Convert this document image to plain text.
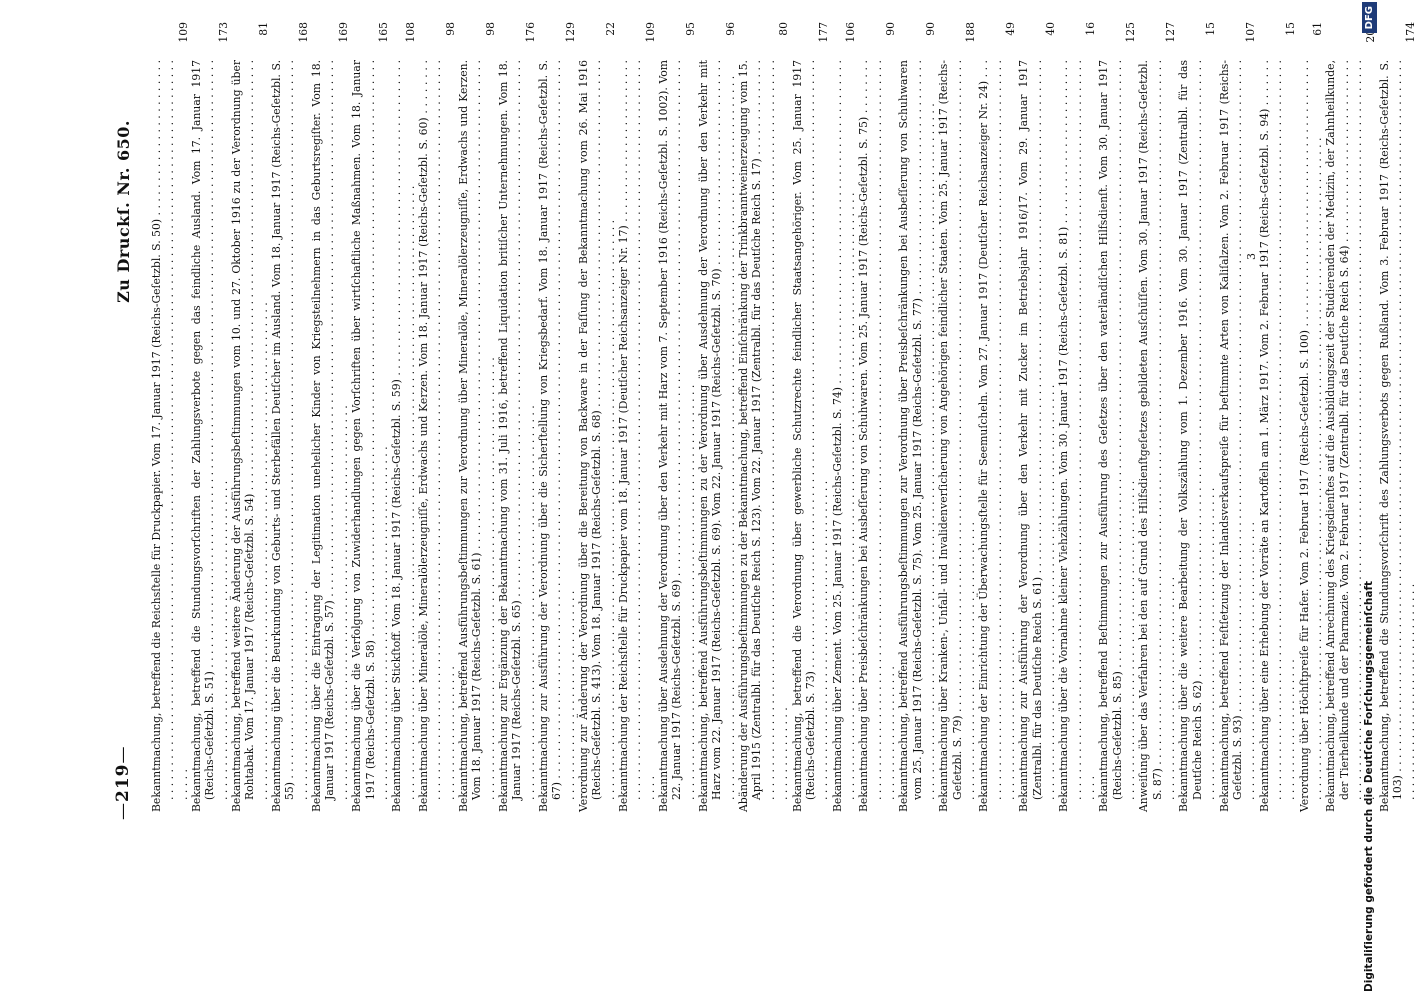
—
219
—
Zu Druckſ. Nr. 650.
Bekanntmachung, betreffend die Reichsſtelle für Druckpapier. Vom 17. Januar 1917 (Reichs-Geſetzbl. S. 50) . . .
109
Bekanntmachung, betreffend die Stundungsvorſchriften der Zahlungsverbote gegen das feindliche Ausland. Vom 17. Januar 1917 (Reichs-Geſetzbl. S. 51) . . .
173
Bekanntmachung, betreffend weitere Änderung der Ausführungsbeſtimmungen vom 10. und 27. Oktober 1916 zu der Verordnung über Rohtabak. Vom 17. Januar 1917 (Reichs-Geſetzbl. S. 54) . . .
81
Bekanntmachung über die Beurkundung von Geburts- und Sterbefällen Deutſcher im Ausland. Vom 18. Januar 1917 (Reichs-Geſetzbl. S. 55) . . .
168
Bekanntmachung über die Eintragung der Legitimation unehelicher Kinder von Kriegsteilnehmern in das Geburtsregiſter. Vom 18. Januar 1917 (Reichs-Geſetzbl. S. 57) . . .
169
Bekanntmachung über die Verfolgung von Zuwiderhandlungen gegen Vorſchriften über wirtſchaftliche Maßnahmen. Vom 18. Januar 1917 (Reichs-Geſetzbl. S. 58) . . .
165
Bekanntmachung über Stickſtoff. Vom 18. Januar 1917 (Reichs-Geſetzbl. S. 59) . . .
108
Bekanntmachung über Mineralöle, Mineralölerzeugniſſe, Erdwachs und Kerzen. Vom 18. Januar 1917 (Reichs-Geſetzbl. S. 60) . . .
98
Bekanntmachung, betreffend Ausführungsbeſtimmungen zur Verordnung über Mineralöle, Mineralölerzeugniſſe, Erdwachs und Kerzen. Vom 18. Januar 1917 (Reichs-Geſetzbl. S. 61) . . .
98
Bekanntmachung zur Ergänzung der Bekanntmachung vom 31. Juli 1916, betreffend Liquidation britiſcher Unternehmungen. Vom 18. Januar 1917 (Reichs-Geſetzbl. S. 65) . . .
176
Bekanntmachung zur Ausführung der Verordnung über die Sicherſtellung von Kriegsbedarf. Vom 18. Januar 1917 (Reichs-Geſetzbl. S. 67) . . .
129
Verordnung zur Änderung der Verordnung über die Bereitung von Backware in der Faſſung der Bekanntmachung vom 26. Mai 1916 (Reichs-Geſetzbl. S. 413). Vom 18. Januar 1917 (Reichs-Geſetzbl. S. 68) . . .
22
Bekanntmachung der Reichsſtelle für Druckpapier vom 18. Januar 1917 (Deutſcher Reichsanzeiger Nr. 17) . . .
109
Bekanntmachung über Ausdehnung der Verordnung über den Verkehr mit Harz vom 7. September 1916 (Reichs-Geſetzbl. S. 1002). Vom 22. Januar 1917 (Reichs-Geſetzbl. S. 69) . . .
95
Bekanntmachung, betreffend Ausführungsbeſtimmungen zu der Verordnung über Ausdehnung der Verordnung über den Verkehr mit Harz vom 22. Januar 1917 (Reichs-Geſetzbl. S. 69). Vom 22. Januar 1917 (Reichs-Geſetzbl. S. 70) . . .
96
Abänderung der Ausführungsbeſtimmungen zu der Bekanntmachung, betreffend Einſchränkung der Trinkbranntweinerzeugung vom 15. April 1915 (Zentralbl. für das Deutſche Reich S. 123). Vom 22. Januar 1917 (Zentralbl. für das Deutſche Reich S. 17) . . .
80
Bekanntmachung, betreffend die Verordnung über gewerbliche Schutzrechte feindlicher Staatsangehöriger. Vom 25. Januar 1917 (Reichs-Geſetzbl. S. 73) . . .
177
Bekanntmachung über Zement. Vom 25. Januar 1917 (Reichs-Geſetzbl. S. 74) . . .
106
Bekanntmachung über Preisbeſchränkungen bei Ausbeſſerung von Schuhwaren. Vom 25. Januar 1917 (Reichs-Geſetzbl. S. 75) . . .
90
Bekanntmachung, betreffend Ausführungsbeſtimmungen zur Verordnung über Preisbeſchränkungen bei Ausbeſſerung von Schuhwaren vom 25. Januar 1917 (Reichs-Geſetzbl. S. 75). Vom 25. Januar 1917 (Reichs-Geſetzbl. S. 77) . . .
90
Bekanntmachung über Kranken-, Unfall- und Invalidenverſicherung von Angehörigen feindlicher Staaten. Vom 25. Januar 1917 (Reichs-Geſetzbl. S. 79) . . .
188
Bekanntmachung der Einrichtung der Überwachungsſtelle für Seemuſcheln. Vom 27. Januar 1917 (Deutſcher Reichsanzeiger Nr. 24) . . .
49
Bekanntmachung zur Ausführung der Verordnung über den Verkehr mit Zucker im Betriebsjahr 1916/17. Vom 29. Januar 1917 (Zentralbl. für das Deutſche Reich S. 61) . . .
40
Bekanntmachung über die Vornahme kleiner Viehzählungen. Vom 30. Januar 1917 (Reichs-Geſetzbl. S. 81) . . .
16
Bekanntmachung, betreffend Beſtimmungen zur Ausführung des Geſetzes über den vaterländiſchen Hilfsdienſt. Vom 30. Januar 1917 (Reichs-Geſetzbl. S. 85) . . .
125
Anweiſung über das Verfahren bei den auf Grund des Hilfsdienſtgeſetzes gebildeten Ausſchüſſen. Vom 30. Januar 1917 (Reichs-Geſetzbl. S. 87) . . .
127
Bekanntmachung über die weitere Bearbeitung der Volkszählung vom 1. Dezember 1916. Vom 30. Januar 1917 (Zentralbl. für das Deutſche Reich S. 62) . . .
15
Bekanntmachung, betreffend Feſtſetzung der Inlandsverkaufspreiſe für beſtimmte Arten von Kaliſalzen. Vom 2. Februar 1917 (Reichs-Geſetzbl. S. 93) . . .
107
Bekanntmachung über eine Erhebung der Vorräte an Kartoffeln am 1. März 1917. Vom 2. Februar 1917 (Reichs-Geſetzbl. S. 94) . . .
15
Verordnung über Höchſtpreiſe für Hafer. Vom 2. Februar 1917 (Reichs-Geſetzbl. S. 100) . . .
61
Bekanntmachung, betreffend Anrechnung des Kriegsdienſtes auf die Ausbildungszeit der Studierenden der Medizin, der Zahnheilkunde, der Tierheilkunde und der Pharmazie. Vom 2. Februar 1917 (Zentralbl. für das Deutſche Reich S. 64) . . .	Bekanntmachung, betreffend die Stundungsvorſchrift des Zahlungsverbots gegen Rußland. Vom 3. Februar 1917 (Reichs-Geſetzbl. S. 103) . . .
174
3
Digitaliſierung gefördert durch die Deutſche Forſchungsgemeinſchaft
DFG
